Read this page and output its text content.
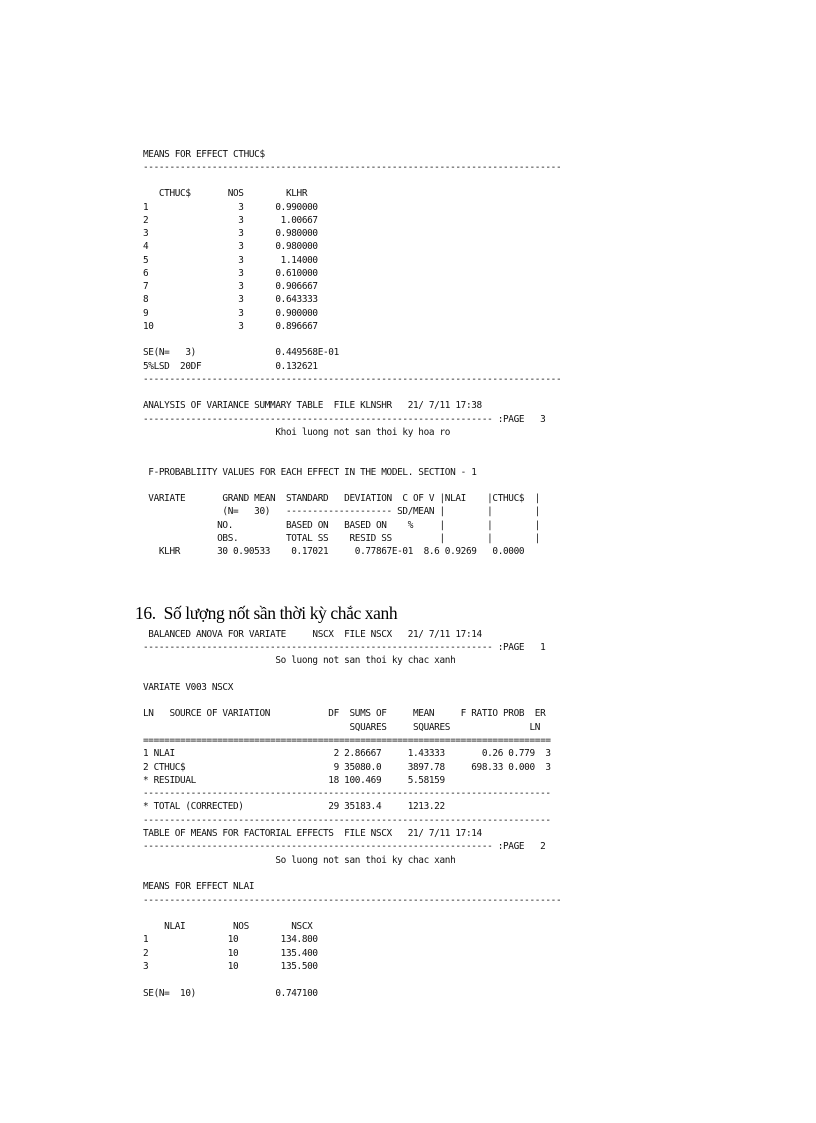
MEANS FOR EFFECT CTHUC$
-------------------------------------------------------------------------------
CTHUC$       NOS        KLHR
1                 3      0.990000
2                 3       1.00667
3                 3      0.980000
4                 3      0.980000
5                 3       1.14000
6                 3      0.610000
7                 3      0.906667
8                 3      0.643333
9                 3      0.900000
10                3      0.896667
SE(N=   3)               0.449568E-01
5%LSD  20DF              0.132621
-------------------------------------------------------------------------------
ANALYSIS OF VARIANCE SUMMARY TABLE  FILE KLNSHR   21/ 7/11 17:38
------------------------------------------------------------------ :PAGE   3
Khoi luong not san thoi ky hoa ro
F-PROBABLIITY VALUES FOR EACH EFFECT IN THE MODEL. SECTION - 1
VARIATE       GRAND MEAN  STANDARD   DEVIATION  C OF V |NLAI    |CTHUC$  |
(N=   30)   -------------------- SD/MEAN |        |        |
NO.          BASED ON   BASED ON    %     |        |        |
OBS.         TOTAL SS    RESID SS         |        |        |
KLHR       30 0.90533    0.17021     0.77867E-01  8.6 0.9269   0.0000
16.  Số lượng nốt sần thời kỳ chắc xanh
BALANCED ANOVA FOR VARIATE     NSCX  FILE NSCX   21/ 7/11 17:14
------------------------------------------------------------------ :PAGE   1
So luong not san thoi ky chac xanh
VARIATE V003 NSCX
LN   SOURCE OF VARIATION           DF  SUMS OF     MEAN     F RATIO PROB  ER
SQUARES     SQUARES               LN
=============================================================================
1 NLAI                              2 2.86667     1.43333       0.26 0.779  3
2 CTHUC$                            9 35080.0     3897.78     698.33 0.000  3
* RESIDUAL                         18 100.469     5.58159
-----------------------------------------------------------------------------
* TOTAL (CORRECTED)                29 35183.4     1213.22
-----------------------------------------------------------------------------
TABLE OF MEANS FOR FACTORIAL EFFECTS  FILE NSCX   21/ 7/11 17:14
------------------------------------------------------------------ :PAGE   2
So luong not san thoi ky chac xanh
MEANS FOR EFFECT NLAI
-------------------------------------------------------------------------------
NLAI         NOS        NSCX
1               10        134.800
2               10        135.400
3               10        135.500
SE(N=  10)               0.747100
